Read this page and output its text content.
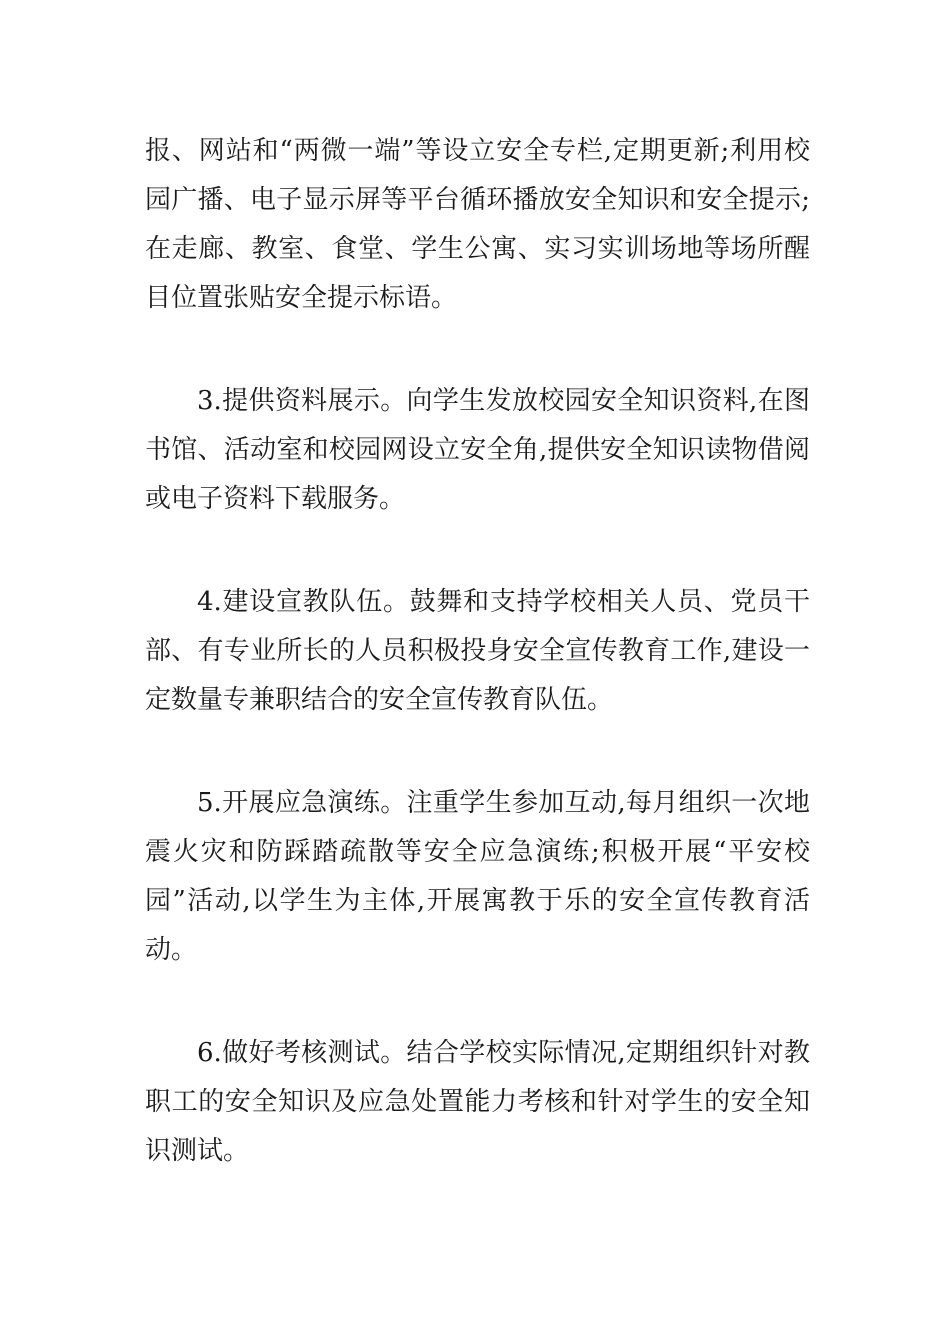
报、网站和“两微一端”等设立安全专栏,定期更新;利用校园广播、电子显示屏等平台循环播放安全知识和安全提示;在走廊、教室、食堂、学生公寓、实习实训场地等场所醒目位置张贴安全提示标语。

3.提供资料展示。向学生发放校园安全知识资料,在图书馆、活动室和校园网设立安全角,提供安全知识读物借阅或电子资料下载服务。

4.建设宣教队伍。鼓舞和支持学校相关人员、党员干部、有专业所长的人员积极投身安全宣传教育工作,建设一定数量专兼职结合的安全宣传教育队伍。

5.开展应急演练。注重学生参加互动,每月组织一次地震火灾和防踩踏疏散等安全应急演练;积极开展“平安校园”活动,以学生为主体,开展寓教于乐的安全宣传教育活动。

6.做好考核测试。结合学校实际情况,定期组织针对教职工的安全知识及应急处置能力考核和针对学生的安全知识测试。
